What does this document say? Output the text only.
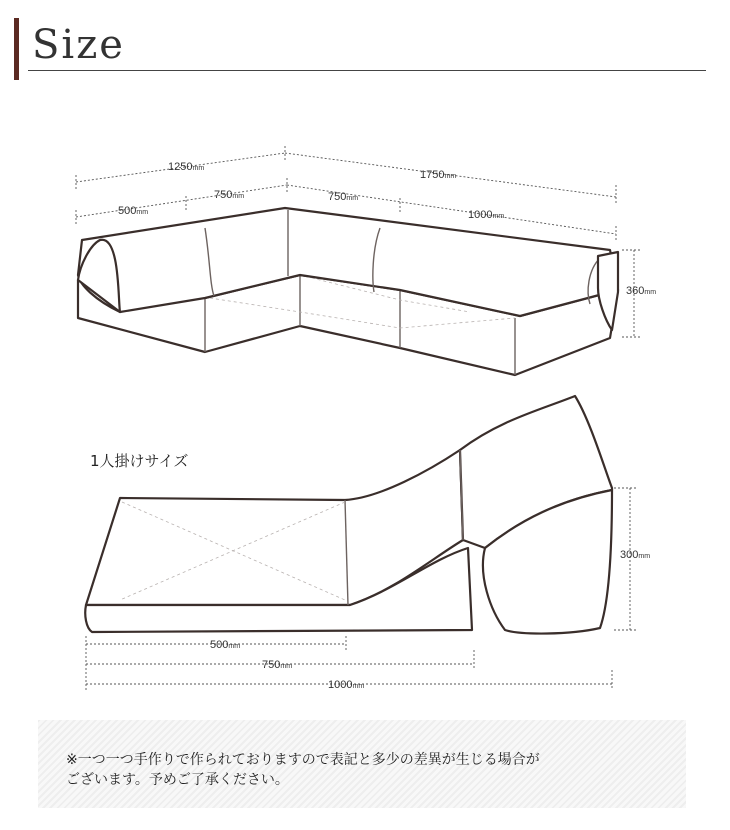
Size
1250mm
1750mm
500mm
750mm	750mm
1000mm
360mm
500mm
750mm
1000mm
300mm
1人掛けサイズ
※一つ一つ手作りで作られておりますので表記と多少の差異が生じる場合が
ございます。予めご了承ください。
